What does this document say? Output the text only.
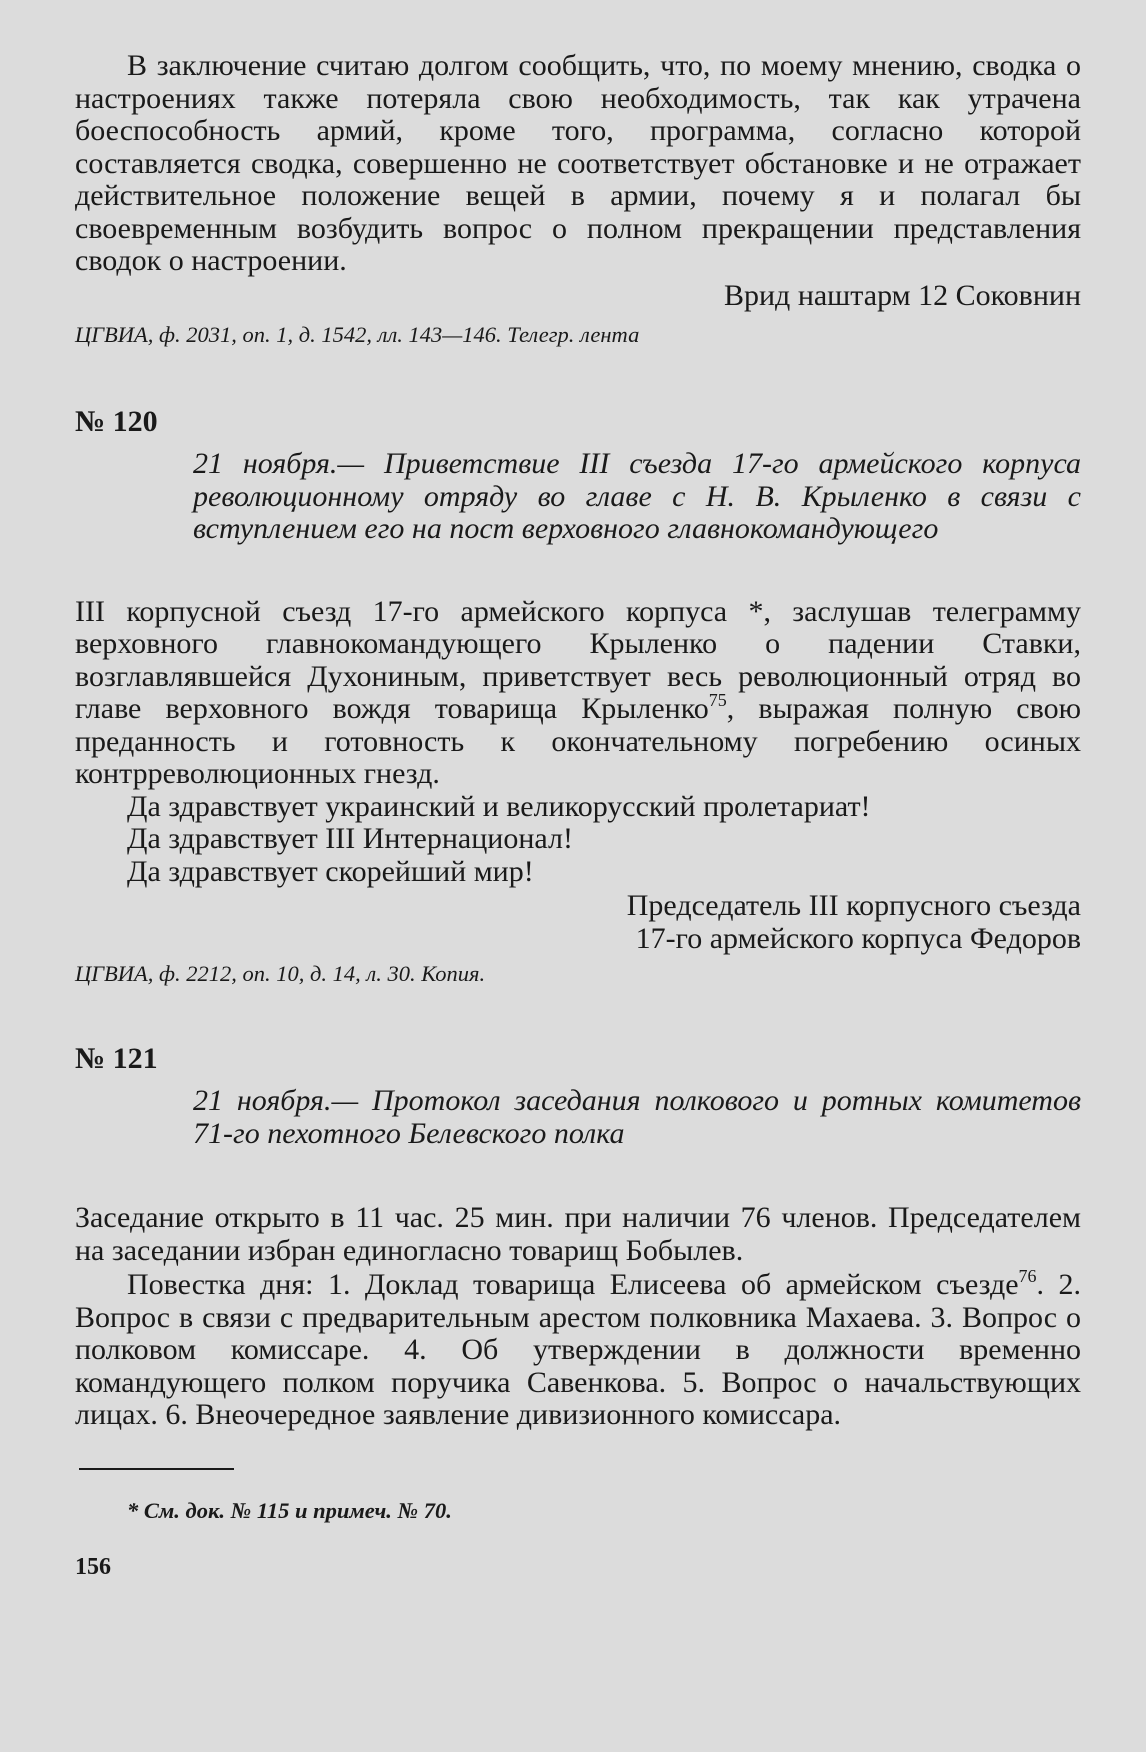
В заключение считаю долгом сообщить, что, по моему мнению, сводка о настроениях также потеряла свою необходимость, так как утрачена боеспособность армий, кроме того, программа, согласно которой составляется сводка, совершенно не соответствует обстановке и не отражает действительное положение вещей в армии, почему я и полагал бы своевременным возбудить вопрос о полном прекращении представления сводок о настроении.

Врид наштарм 12 Соковнин

ЦГВИА, ф. 2031, оп. 1, д. 1542, лл. 143—146. Телегр. лента

№ 120

21 ноября.— Приветствие III съезда 17-го армейского корпуса революционному отряду во главе с Н. В. Крыленко в связи с вступлением его на пост верховного главнокомандующего

III корпусной съезд 17-го армейского корпуса *, заслушав телеграмму верховного главнокомандующего Крыленко о падении Ставки, возглавлявшейся Духониным, приветствует весь революционный отряд во главе верховного вождя товарища Крыленко$^{75}$, выражая полную свою преданность и готовность к окончательному погребению осиных контрреволюционных гнезд.

Да здравствует украинский и великорусский пролетариат!

Да здравствует III Интернационал!

Да здравствует скорейший мир!

Председатель III корпусного съезда

17-го армейского корпуса Федоров

ЦГВИА, ф. 2212, оп. 10, д. 14, л. 30. Копия.

№ 121

21 ноября.— Протокол заседания полкового и ротных комитетов 71-го пехотного Белевского полка

Заседание открыто в 11 час. 25 мин. при наличии 76 членов. Председателем на заседании избран единогласно товарищ Бобылев.

Повестка дня: 1. Доклад товарища Елисеева об армейском съезде$^{76}$. 2. Вопрос в связи с предварительным арестом полковника Махаева. 3. Вопрос о полковом комиссаре. 4. Об утверждении в должности временно командующего полком поручика Савенкова. 5. Вопрос о начальствующих лицах. 6. Внеочередное заявление дивизионного комиссара.

* См. док. № 115 и примеч. № 70.

156
